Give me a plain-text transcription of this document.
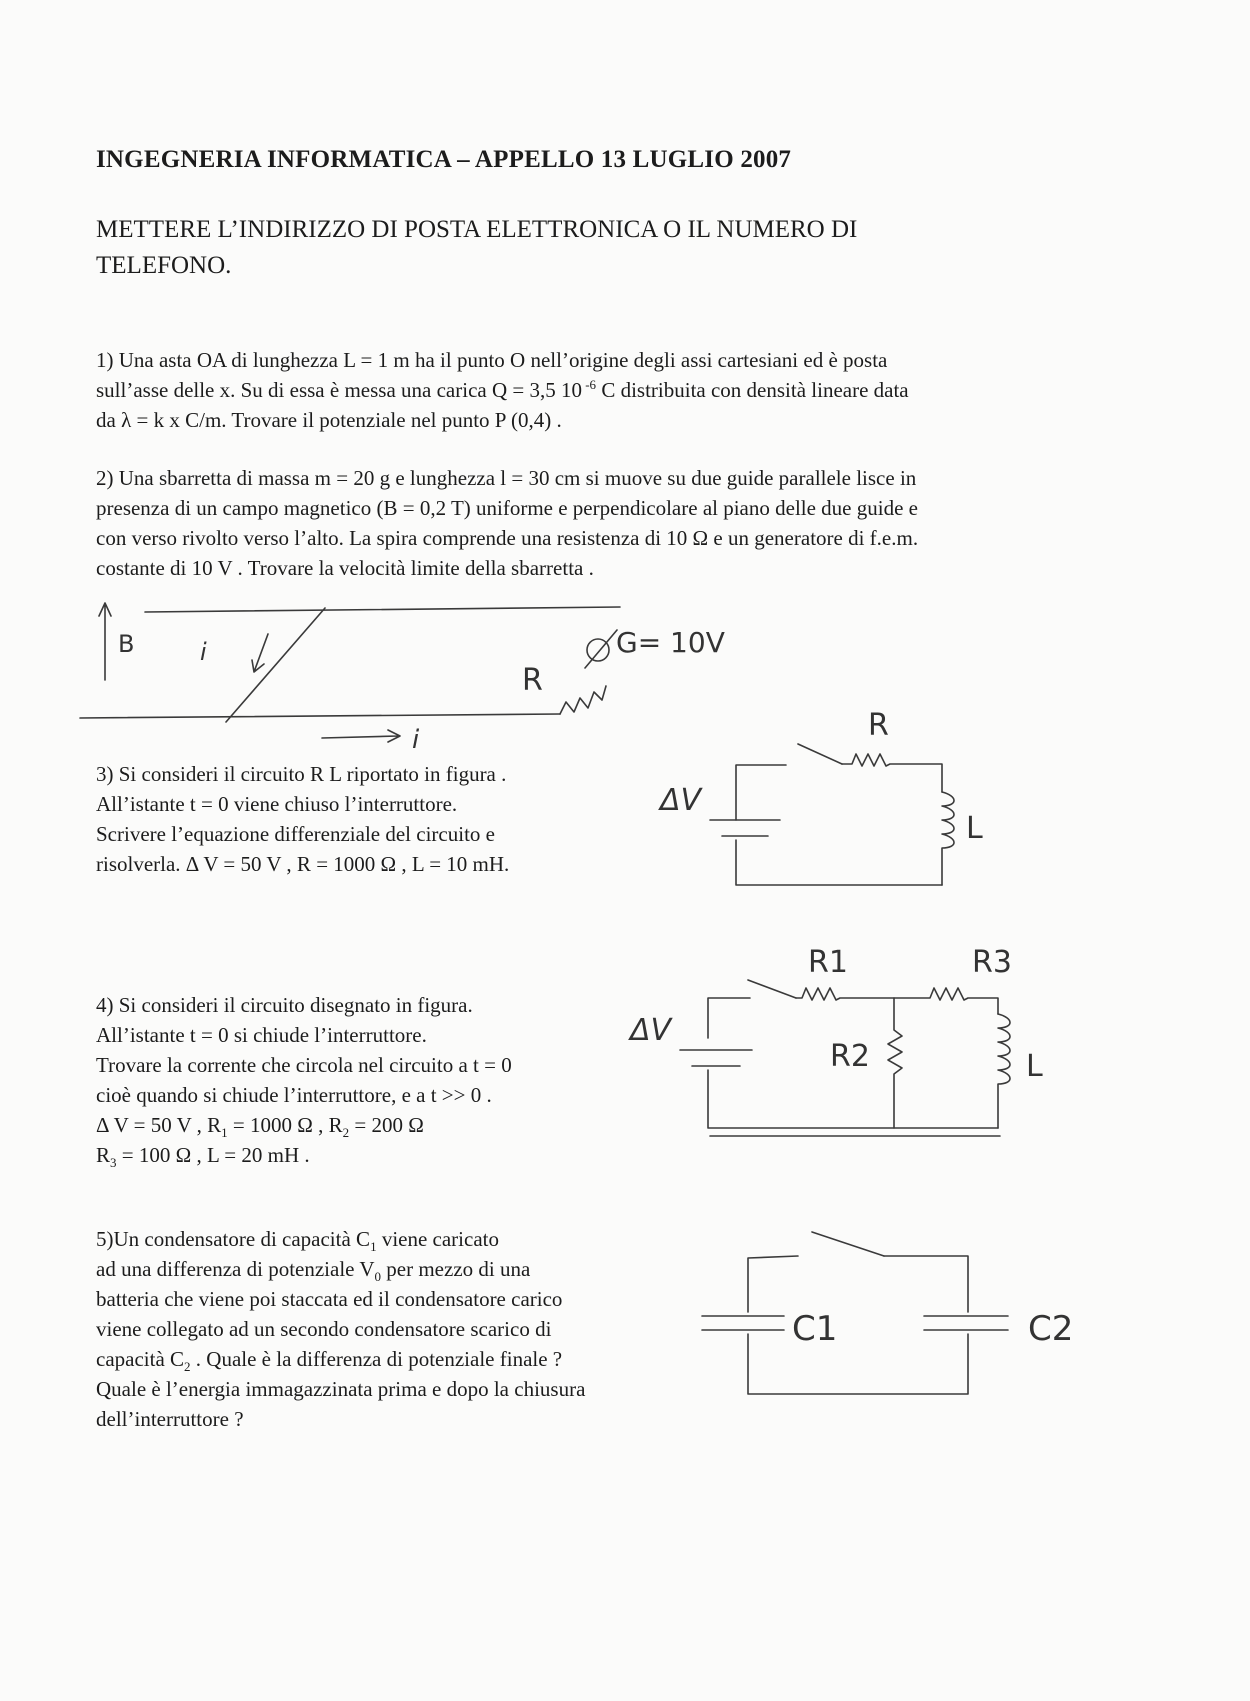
INGEGNERIA INFORMATICA – APPELLO 13 LUGLIO 2007
METTERE L’INDIRIZZO DI POSTA ELETTRONICA O IL NUMERO DI
TELEFONO.
1) Una asta OA di lunghezza L = 1 m ha il punto O nell’origine degli assi cartesiani ed è posta
sull’asse delle x. Su di essa è messa una carica Q = 3,5 10 $^{-6}$ C distribuita con densità lineare data
da λ = k x C/m. Trovare il potenziale nel punto P (0,4) .
2) Una sbarretta di massa m = 20 g e lunghezza l = 30 cm si muove su due guide parallele lisce in
presenza di un campo magnetico (B = 0,2 T) uniforme e perpendicolare al piano delle due guide e
con verso rivolto verso l’alto. La spira comprende una resistenza di 10 Ω e un generatore di f.e.m.
costante di 10 V . Trovare la velocità limite della sbarretta .
3) Si consideri il circuito R L riportato in figura .
All’istante t = 0 viene chiuso l’interruttore.
Scrivere l’equazione differenziale del circuito e
risolverla. Δ V = 50 V , R = 1000 Ω , L = 10 mH.
4) Si consideri il circuito disegnato in figura.
All’istante t = 0 si chiude l’interruttore.
Trovare la corrente che circola nel circuito a t = 0
cioè quando si chiude l’interruttore, e a t >> 0 .
Δ V = 50 V , $R_1 = 1000$ Ω , $R_2 = 200$ Ω
$R_3 = 100$ Ω , L = 20 mH .
5)Un condensatore di capacità $C_1$ viene caricato
ad una differenza di potenziale $V_0$ per mezzo di una
batteria che viene poi staccata ed il condensatore carico
viene collegato ad un secondo condensatore scarico di
capacità $C_2$ . Quale è la differenza di potenziale finale ?
Quale è l’energia immagazzinata prima e dopo la chiusura
dell’interruttore ?
B	i
R
G= 10V
i	R
ΔV
L
R1	R3
ΔV
R2	L
C1	C2
